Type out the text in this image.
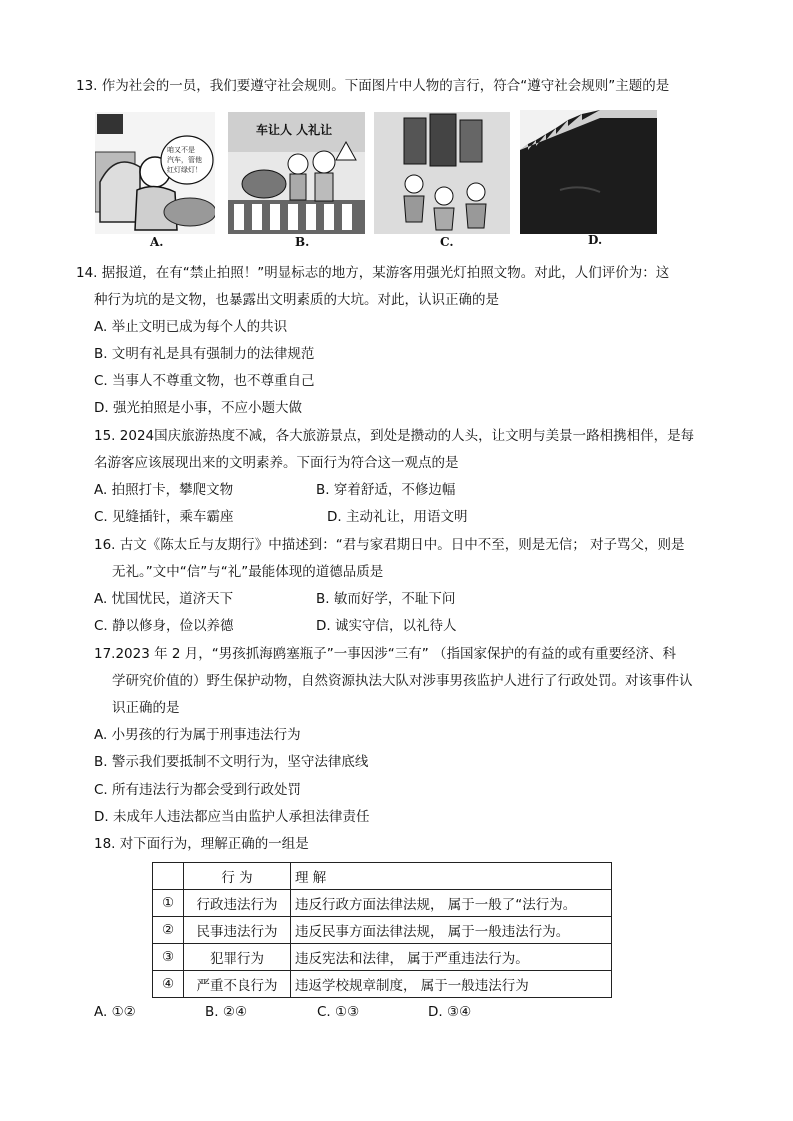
13. 作为社会的一员，我们要遵守社会规则。下面图片中人物的言行，符合“遵守社会规则”主题的是
咱又不是
汽车，管他
红灯绿灯！
A.
车让人 人礼让
B.	C.	D.
14. 据报道，在有“禁止拍照！”明显标志的地方，某游客用强光灯拍照文物。对此，人们评价为：这
种行为坑的是文物，也暴露出文明素质的大坑。对此，认识正确的是
A. 举止文明已成为每个人的共识
B. 文明有礼是具有强制力的法律规范
C. 当事人不尊重文物，也不尊重自己
D. 强光拍照是小事，不应小题大做
15. 2024国庆旅游热度不减，各大旅游景点，到处是攒动的人头，让文明与美景一路相携相伴，是每
名游客应该展现出来的文明素养。下面行为符合这一观点的是
A. 拍照打卡，攀爬文物	B. 穿着舒适，不修边幅
C. 见缝插针，乘车霸座	D. 主动礼让，用语文明
16. 古文《陈太丘与友期行》中描述到：“君与家君期日中。日中不至，则是无信； 对子骂父，则是
无礼。”文中“信”与“礼”最能体现的道德品质是
A. 忧国忧民，道济天下	B. 敏而好学，不耻下问
C. 静以修身，俭以养德	D. 诚实守信，以礼待人
17.2023 年 2 月，“男孩抓海鸥塞瓶子”一事因涉“三有” （指国家保护的有益的或有重要经济、科
学研究价值的）野生保护动物，自然资源执法大队对涉事男孩监护人进行了行政处罚。对该事件认
识正确的是
A. 小男孩的行为属于刑事违法行为
B. 警示我们要抵制不文明行为，坚守法律底线
C. 所有违法行为都会受到行政处罚
D. 未成年人违法都应当由监护人承担法律责任
18. 对下面行为，理解正确的一组是
	行 为	理 解
①	行政违法行为	违反行政方面法律法规， 属于一般了“法行为。
②	民事违法行为	违反民事方面法律法规， 属于一般违法行为。
③	犯罪行为	违反宪法和法律， 属于严重违法行为。
④	严重不良行为	违返学校规章制度， 属于一般违法行为
A. ①②	B. ②④	C. ①③	D. ③④
